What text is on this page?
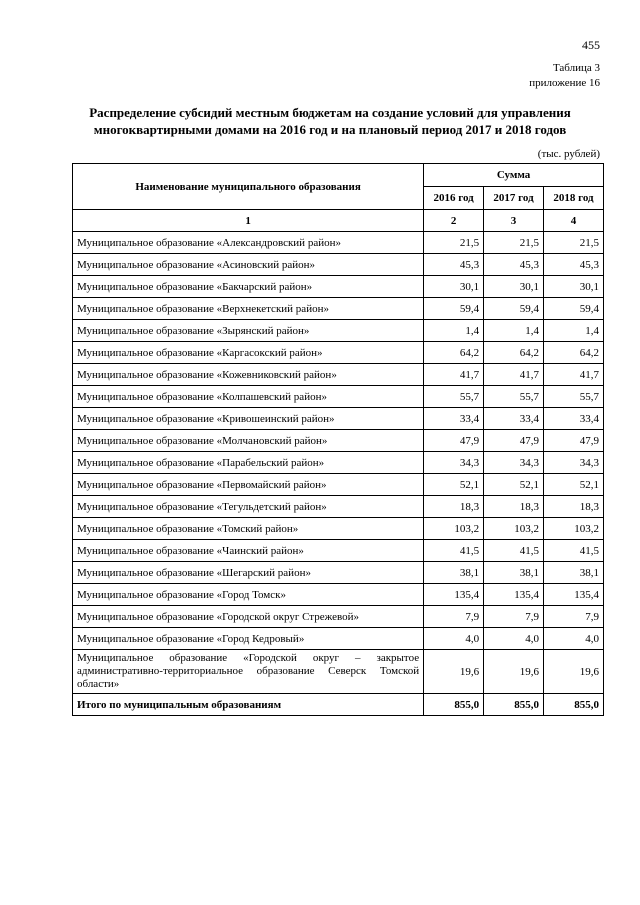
455
Таблица 3
приложение 16
Распределение субсидий местным бюджетам на создание условий для управления
многоквартирными домами на 2016 год и на плановый период 2017 и 2018 годов
(тыс. рублей)
Наименование муниципального образования	Сумма		
	2016 год	2017 год	2018 год
1	2	3	4
Муниципальное образование «Александровский район»	21,5	21,5	21,5
Муниципальное образование «Асиновский район»	45,3	45,3	45,3
Муниципальное образование «Бакчарский район»	30,1	30,1	30,1
Муниципальное образование «Верхнекетский район»	59,4	59,4	59,4
Муниципальное образование «Зырянский район»	1,4	1,4	1,4
Муниципальное образование «Каргасокский район»	64,2	64,2	64,2
Муниципальное образование «Кожевниковский район»	41,7	41,7	41,7
Муниципальное образование «Колпашевский район»	55,7	55,7	55,7
Муниципальное образование «Кривошеинский район»	33,4	33,4	33,4
Муниципальное образование «Молчановский район»	47,9	47,9	47,9
Муниципальное образование «Парабельский район»	34,3	34,3	34,3
Муниципальное образование «Первомайский район»	52,1	52,1	52,1
Муниципальное образование «Тегульдетский район»	18,3	18,3	18,3
Муниципальное образование «Томский район»	103,2	103,2	103,2
Муниципальное образование «Чаинский район»	41,5	41,5	41,5
Муниципальное образование «Шегарский район»	38,1	38,1	38,1
Муниципальное образование «Город Томск»	135,4	135,4	135,4
Муниципальное образование «Городской округ Стрежевой»	7,9	7,9	7,9
Муниципальное образование «Город Кедровый»	4,0	4,0	4,0
Муниципальное образование «Городской округ – закрытое административно-территориальное образование Северск Томской области»	19,6	19,6	19,6
Итого по муниципальным образованиям	855,0	855,0	855,0
